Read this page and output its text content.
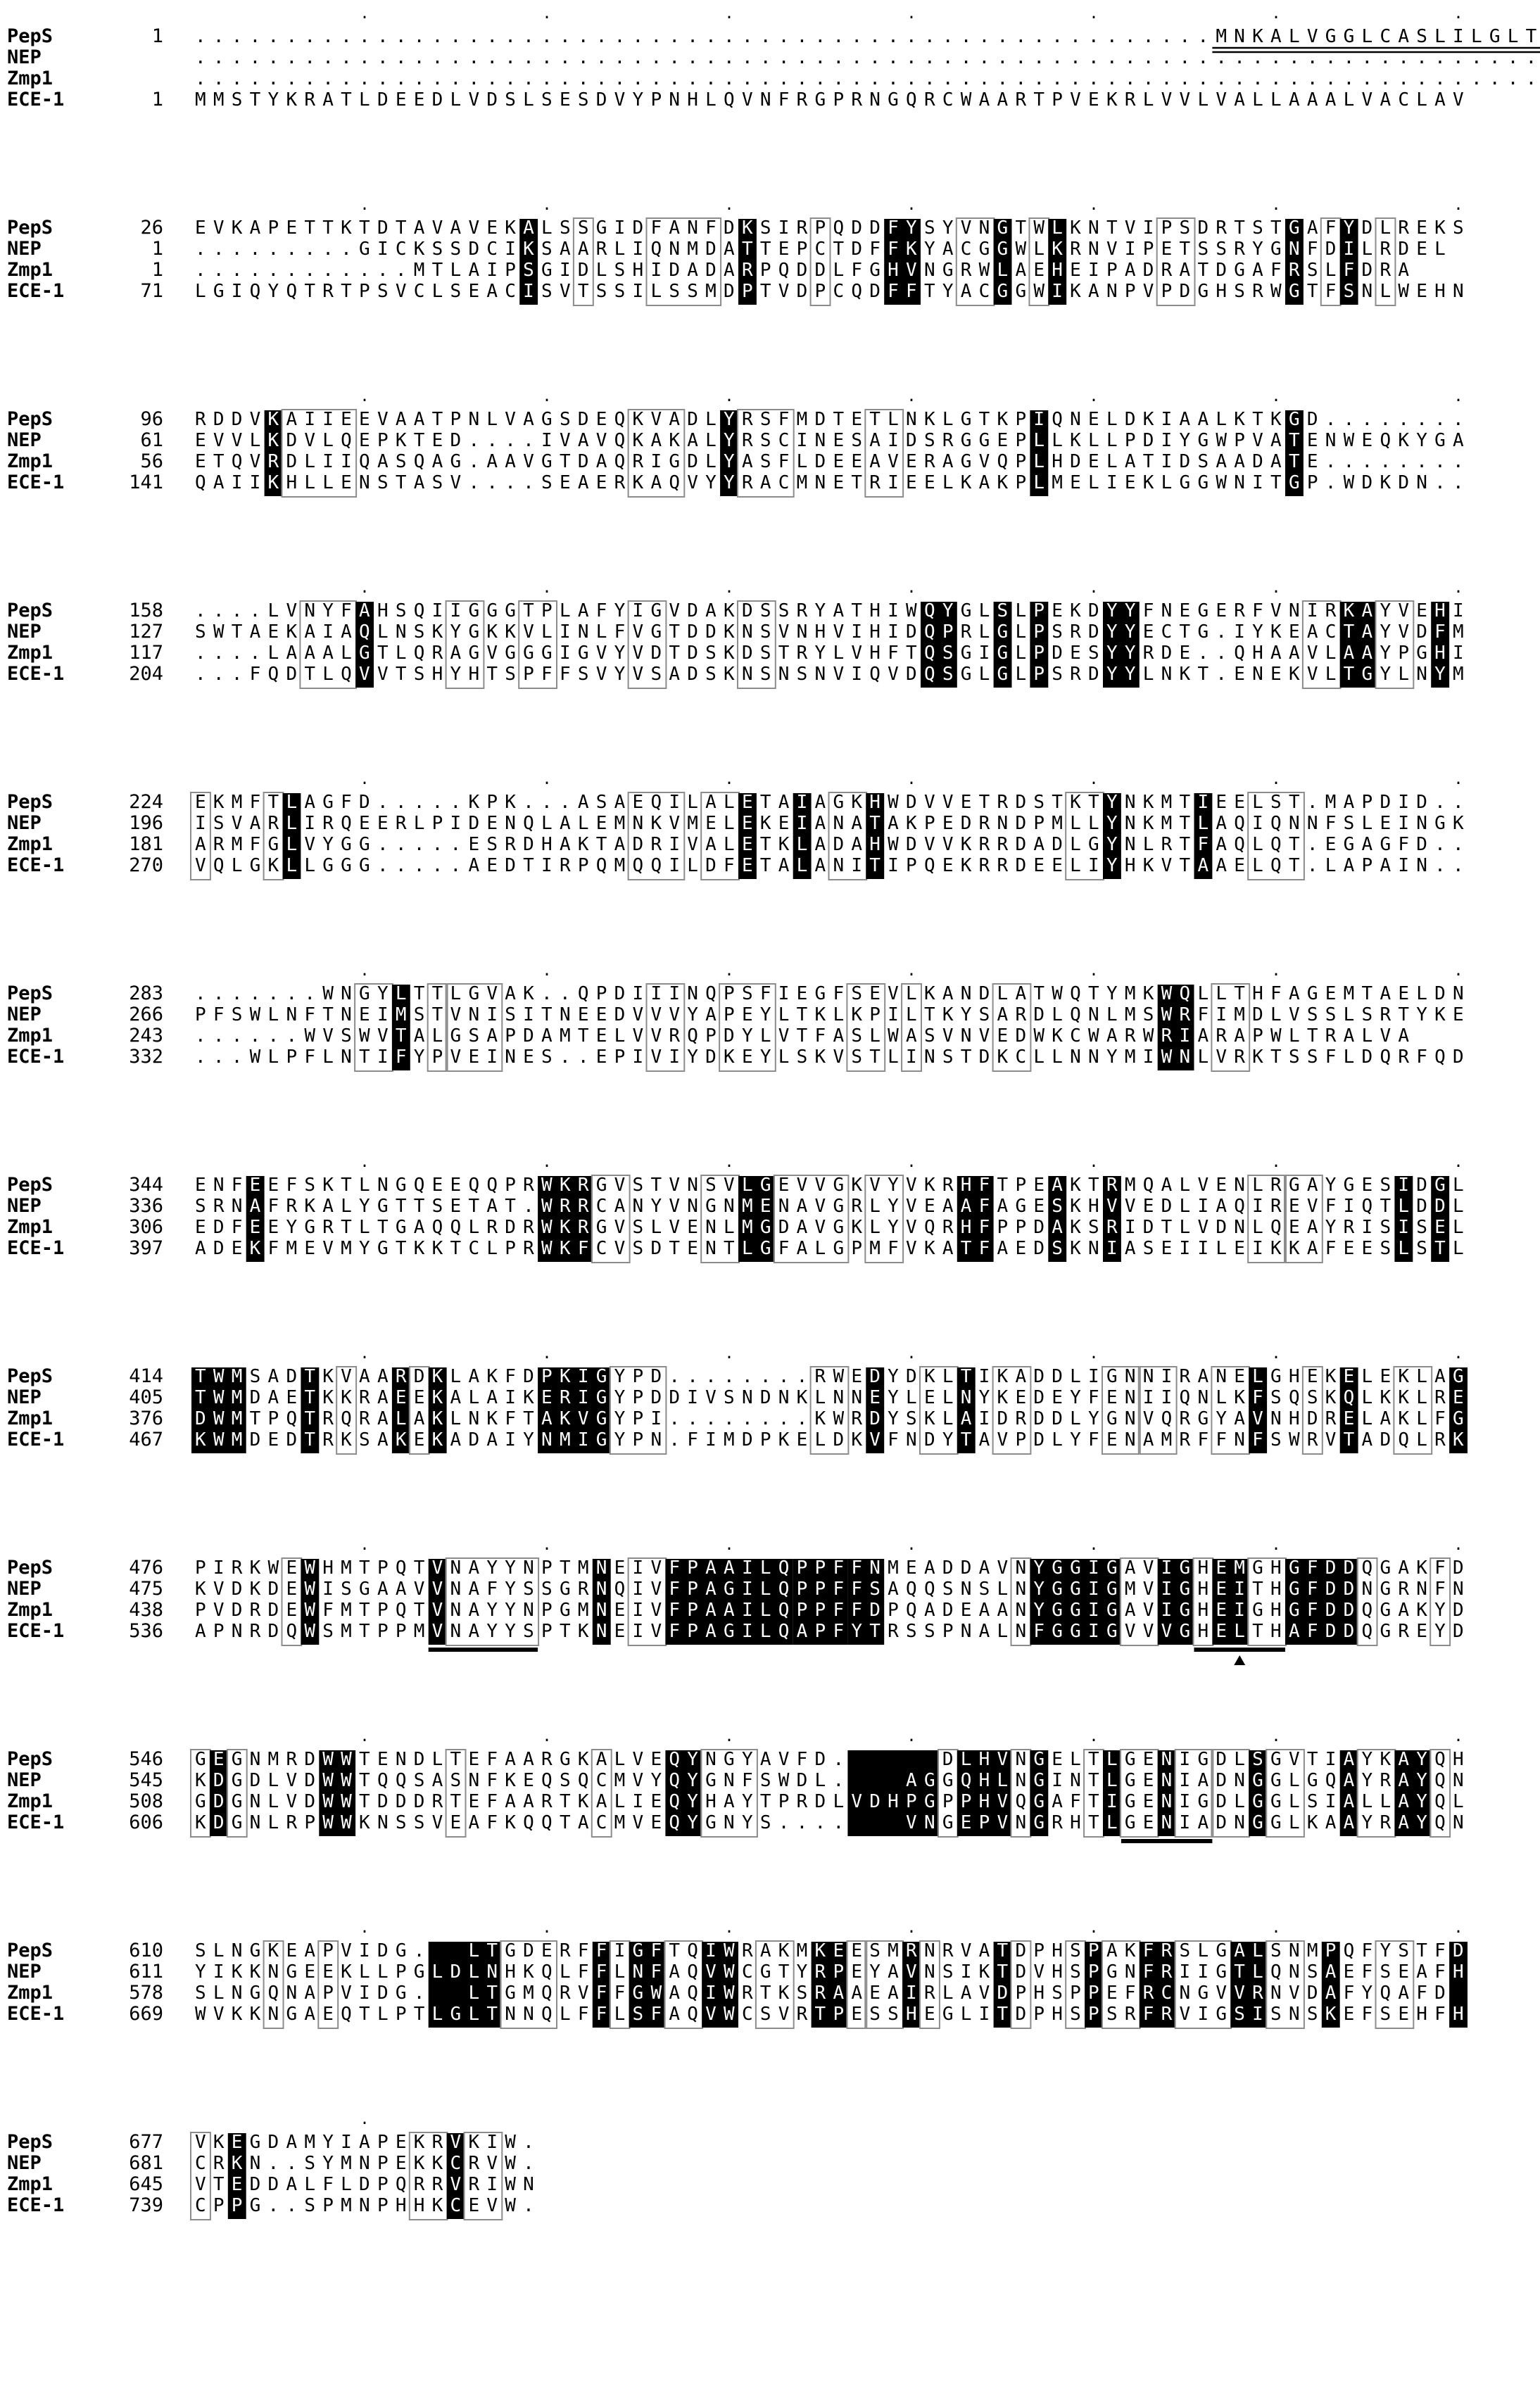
·	·	·	·	·	·	·
PepS	1 . . . . . . . . . . . . . . . . . . . . . . . . . . . . . . . . . . . . . . . . . . . . . . . . . . . . . . . . M N K A L V G G L C A S L I L G L T
NEP	. . . . . . . . . . . . . . . . . . . . . . . . . . . . . . . . . . . . . . . . . . . . . . . . . . . . . . . . . . . . . . . . . . . . . . . . . .
Zmp1	. . . . . . . . . . . . . . . . . . . . . . . . . . . . . . . . . . . . . . . . . . . . . . . . . . . . . . . . . . . . . . . . . . . . . . . . . .
ECE-1	1 M M S T Y K R A T L D E E D L V D S L S E S D V Y P N H L Q V N F R G P R N G Q R C W A A R T P V E K R L V V L V A L L A A A L V A C L A V
·	·	·	·	·	·	·
PepS	26 E V K A P E T T K T D T A V A V E K A L S S G I D F A N F D K S I R P Q D D F Y S Y V N G T W L K N T V I P S D R T S T G A F Y D L R E K S
NEP	1 . . . . . . . . . G I C K S S D C I K S A A R L I Q N M D A T T E P C T D F F K Y A C G G W L K R N V I P E T S S R Y G N F D I L R D E L
Zmp1	1 . . . . . . . . . . . . M T L A I P S G I D L S H I D A D A R P Q D D L F G H V N G R W L A E H E I P A D R A T D G A F R S L F D R A
ECE-1	71 L G I Q Y Q T R T P S V C L S E A C I S V T S S I L S S M D P T V D P C Q D F F T Y A C G G W I K A N P V P D G H S R W G T F S N L W E H N
·	·	·	·	·	·	·
PepS	96 R D D V K A I I E E V A A T P N L V A G S D E Q K V A D L Y R S F M D T E T L N K L G T K P I Q N E L D K I A A L K T K G D . . . . . . . .
NEP	61 E V V L K D V L Q E P K T E D . . . . I V A V Q K A K A L Y R S C I N E S A I D S R G G E P L L K L L P D I Y G W P V A T E N W E Q K Y G A
Zmp1	56 E T Q V R D L I I Q A S Q A G . A A V G T D A Q R I G D L Y A S F L D E E A V E R A G V Q P L H D E L A T I D S A A D A T E . . . . . . . .
ECE-1	141 Q A I I K H L L E N S T A S V . . . . S E A E R K A Q V Y Y R A C M N E T R I E E L K A K P L M E L I E K L G G W N I T G P . W D K D N . .
·	·	·	·	·	·	·
PepS	158 . . . . L V N Y F A H S Q I I G G G T P L A F Y I G V D A K D S S R Y A T H I W Q Y G L S L P E K D Y Y F N E G E R F V N I R K A Y V E H I
NEP	127 S W T A E K A I A Q L N S K Y G K K V L I N L F V G T D D K N S V N H V I H I D Q P R L G L P S R D Y Y E C T G . I Y K E A C T A Y V D F M
Zmp1	117 . . . . L A A A L G T L Q R A G V G G G I G V Y V D T D S K D S T R Y L V H F T Q S G I G L P D E S Y Y R D E . . Q H A A V L A A Y P G H I
ECE-1	204 . . . F Q D T L Q V V T S H Y H T S P F F S V Y V S A D S K N S N S N V I Q V D Q S G L G L P S R D Y Y L N K T . E N E K V L T G Y L N Y M
·	·	·	·	·	·	·
PepS	224 E K M F T L A G F D . . . . . K P K . . . A S A E Q I L A L E T A I A G K H W D V V E T R D S T K T Y N K M T I E E L S T . M A P D I D . .
NEP	196 I S V A R L I R Q E E R L P I D E N Q L A L E M N K V M E L E K E I A N A T A K P E D R N D P M L L Y N K M T L A Q I Q N N F S L E I N G K
Zmp1	181 A R M F G L V Y G G . . . . . E S R D H A K T A D R I V A L E T K L A D A H W D V V K R R D A D L G Y N L R T F A Q L Q T . E G A G F D . .
ECE-1	270 V Q L G K L L G G G . . . . . A E D T I R P Q M Q Q I L D F E T A L A N I T I P Q E K R R D E E L I Y H K V T A A E L Q T . L A P A I N . .
·	·	·	·	·	·	·
PepS	283 . . . . . . . W N G Y L T T L G V A K . . Q P D I I I N Q P S F I E G F S E V L K A N D L A T W Q T Y M K W Q L L T H F A G E M T A E L D N
NEP	266 P F S W L N F T N E I M S T V N I S I T N E E D V V V Y A P E Y L T K L K P I L T K Y S A R D L Q N L M S W R F I M D L V S S L S R T Y K E
Zmp1	243 . . . . . . W V S W V T A L G S A P D A M T E L V V R Q P D Y L V T F A S L W A S V N V E D W K C W A R W R I A R A P W L T R A L V A
ECE-1	332 . . . W L P F L N T I F Y P V E I N E S . . E P I V I Y D K E Y L S K V S T L I N S T D K C L L N N Y M I W N L V R K T S S F L D Q R F Q D
·	·	·	·	·	·	·
PepS	344 E N F E E F S K T L N G Q E E Q Q P R W K R G V S T V N S V L G E V V G K V Y V K R H F T P E A K T R M Q A L V E N L R G A Y G E S I D G L
NEP	336 S R N A F R K A L Y G T T S E T A T . W R R C A N Y V N G N M E N A V G R L Y V E A A F A G E S K H V V E D L I A Q I R E V F I Q T L D D L
Zmp1	306 E D F E E Y G R T L T G A Q Q L R D R W K R G V S L V E N L M G D A V G K L Y V Q R H F P P D A K S R I D T L V D N L Q E A Y R I S I S E L
ECE-1	397 A D E K F M E V M Y G T K K T C L P R W K F C V S D T E N T L G F A L G P M F V K A T F A E D S K N I A S E I I L E I K K A F E E S L S T L
·	·	·	·	·	·	·
PepS	414 T W M S A D T K V A A R D K L A K F D P K I G Y P D . . . . . . . . R W E D Y D K L T I K A D D L I G N N I R A N E L G H E K E L E K L A G
NEP	405 T W M D A E T K K R A E E K A L A I K E R I G Y P D D I V S N D N K L N N E Y L E L N Y K E D E Y F E N I I Q N L K F S Q S K Q L K K L R E
Zmp1	376 D W M T P Q T R Q R A L A K L N K F T A K V G Y P I . . . . . . . . K W R D Y S K L A I D R D D L Y G N V Q R G Y A V N H D R E L A K L F G
ECE-1	467 K W M D E D T R K S A K E K A D A I Y N M I G Y P N . F I M D P K E L D K V F N D Y T A V P D L Y F E N A M R F F N F S W R V T A D Q L R K
·	·	·	·	·	·	·
PepS	476 P I R K W E W H M T P Q T V N A Y Y N P T M N E I V F P A A I L Q P P F F N M E A D D A V N Y G G I G A V I G H E M G H G F D D Q G A K F D
NEP	475 K V D K D E W I S G A A V V N A F Y S S G R N Q I V F P A G I L Q P P F F S A Q Q S N S L N Y G G I G M V I G H E I T H G F D D N G R N F N
Zmp1	438 P V D R D E W F M T P Q T V N A Y Y N P G M N E I V F P A A I L Q P P F F D P Q A D E A A N Y G G I G A V I G H E I G H G F D D Q G A K Y D
ECE-1	536 A P N R D Q W S M T P P M V N A Y Y S P T K N E I V F P A G I L Q A P F Y T R S S P N A L N F G G I G V V V G H E L T H A F D D Q G R E Y D
·	·	·	·	·	·	·
PepS	546 G E G N M R D W W T E N D L T E F A A R G K A L V E Q Y N G Y A V F D . . . . . . D L H V N G E L T L G E N I G D L S G V T I A Y K A Y Q H
NEP	545 K D G D L V D W W T Q Q S A S N F K E Q S Q C M V Y Q Y G N F S W D L . . . . A G G Q H L N G I N T L G E N I A D N G G L G Q A Y R A Y Q N
Zmp1	508 G D G N L V D W W T D D D R T E F A A R T K A L I E Q Y H A Y T P R D L V D H P G P P H V Q G A F T I G E N I G D L G G L S I A L L A Y Q L
ECE-1	606 K D G N L R P W W K N S S V E A F K Q Q T A C M V E Q Y G N Y S . . . . . . . V N G E P V N G R H T L G E N I A D N G G L K A A Y R A Y Q N
·	·	·	·	·	·	·
PepS	610 S L N G K E A P V I D G . . . L T G D E R F F I G F T Q I W R A K M K E E S M R N R V A T D P H S P A K F R S L G A L S N M P Q F Y S T F D
NEP	611 Y I K K N G E E K L L P G L D L N H K Q L F F L N F A Q V W C G T Y R P E Y A V N S I K T D V H S P G N F R I I G T L Q N S A E F S E A F H
Zmp1	578 S L N G Q N A P V I D G . . . L T G M Q R V F F G W A Q I W R T K S R A A E A I R L A V D P H S P P E F R C N G V V R N V D A F Y Q A F D
ECE-1	669 W V K K N G A E Q T L P T L G L T N N Q L F F L S F A Q V W C S V R T P E S S H E G L I T D P H S P S R F R V I G S I S N S K E F S E H F H
·
PepS	677 V K E G D A M Y I A P E K R V K I W .
NEP	681 C R K N . . S Y M N P E K K C R V W .
Zmp1	645 V T E D D A L F L D P Q R R V R I W N
ECE-1	739 C P P G . . S P M N P H H K C E V W .
